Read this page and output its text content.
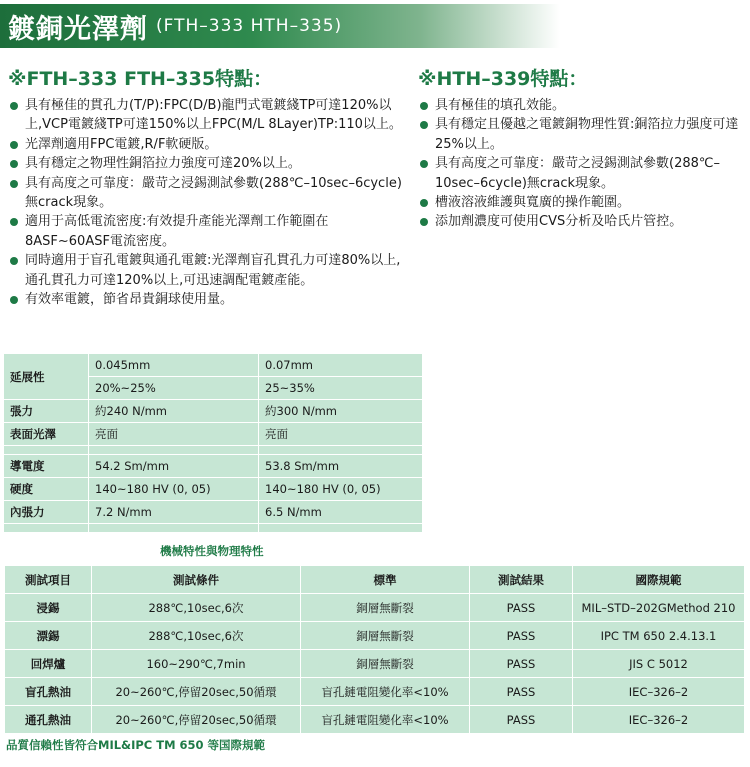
鍍銅光澤劑 (FTH–333 HTH–335)
※FTH–333 FTH–335特點：
具有極佳的貫孔力(T/P):FPC(D/B)龍門式電鍍綫TP可達120%以上,VCP電鍍綫TP可達150%以上FPC(M/L 8Layer)TP:110以上。
光澤劑適用FPC電鍍,R/F軟硬版。
具有穩定之物理性銅箔拉力強度可達20%以上。
具有高度之可靠度：嚴苛之浸錫測試參數(288℃–10sec–6cycle)無crack現象。
適用于高低電流密度:有效提升產能光澤劑工作範圍在8ASF~60ASF電流密度。
同時適用于盲孔電鍍與通孔電鍍:光澤劑盲孔貫孔力可達80%以上,通孔貫孔力可達120%以上,可迅速調配電鍍產能。
有效率電鍍，節省昂貴銅球使用量。
※HTH–339特點：
具有極佳的填孔效能。
具有穩定且優越之電鍍銅物理性質:銅箔拉力强度可達25%以上。
具有高度之可靠度：嚴苛之浸錫測試參數(288℃–10sec–6cycle)無crack現象。
槽液溶液維護與寬廣的操作範圍。
添加劑濃度可使用CVS分析及哈氏片管控。
延展性	0.045mm	0.07mm
	20%~25%	25~35%
張力	約240 N/mm	約300 N/mm
表面光澤	亮面	亮面

導電度	54.2 Sm/mm	53.8 Sm/mm
硬度	140~180 HV (0, 05)	140~180 HV (0, 05)
內張力	7.2 N/mm	6.5 N/mm

機械特性與物理特性
測試項目	測試條件	標準	測試結果	國際規範
浸錫	288℃,10sec,6次	銅層無斷裂	PASS	MIL–STD–202GMethod 210
漂錫	288℃,10sec,6次	銅層無斷裂	PASS	IPC TM 650 2.4.13.1
回焊爐	160~290℃,7min	銅層無斷裂	PASS	JIS C 5012
盲孔熱油	20~260℃,停留20sec,50循環	盲孔鏈電阻變化率<10%	PASS	IEC–326–2
通孔熱油	20~260℃,停留20sec,50循環	盲孔鏈電阻變化率<10%	PASS	IEC–326–2
品質信賴性皆符合MIL&IPC TM 650 等国際規範
